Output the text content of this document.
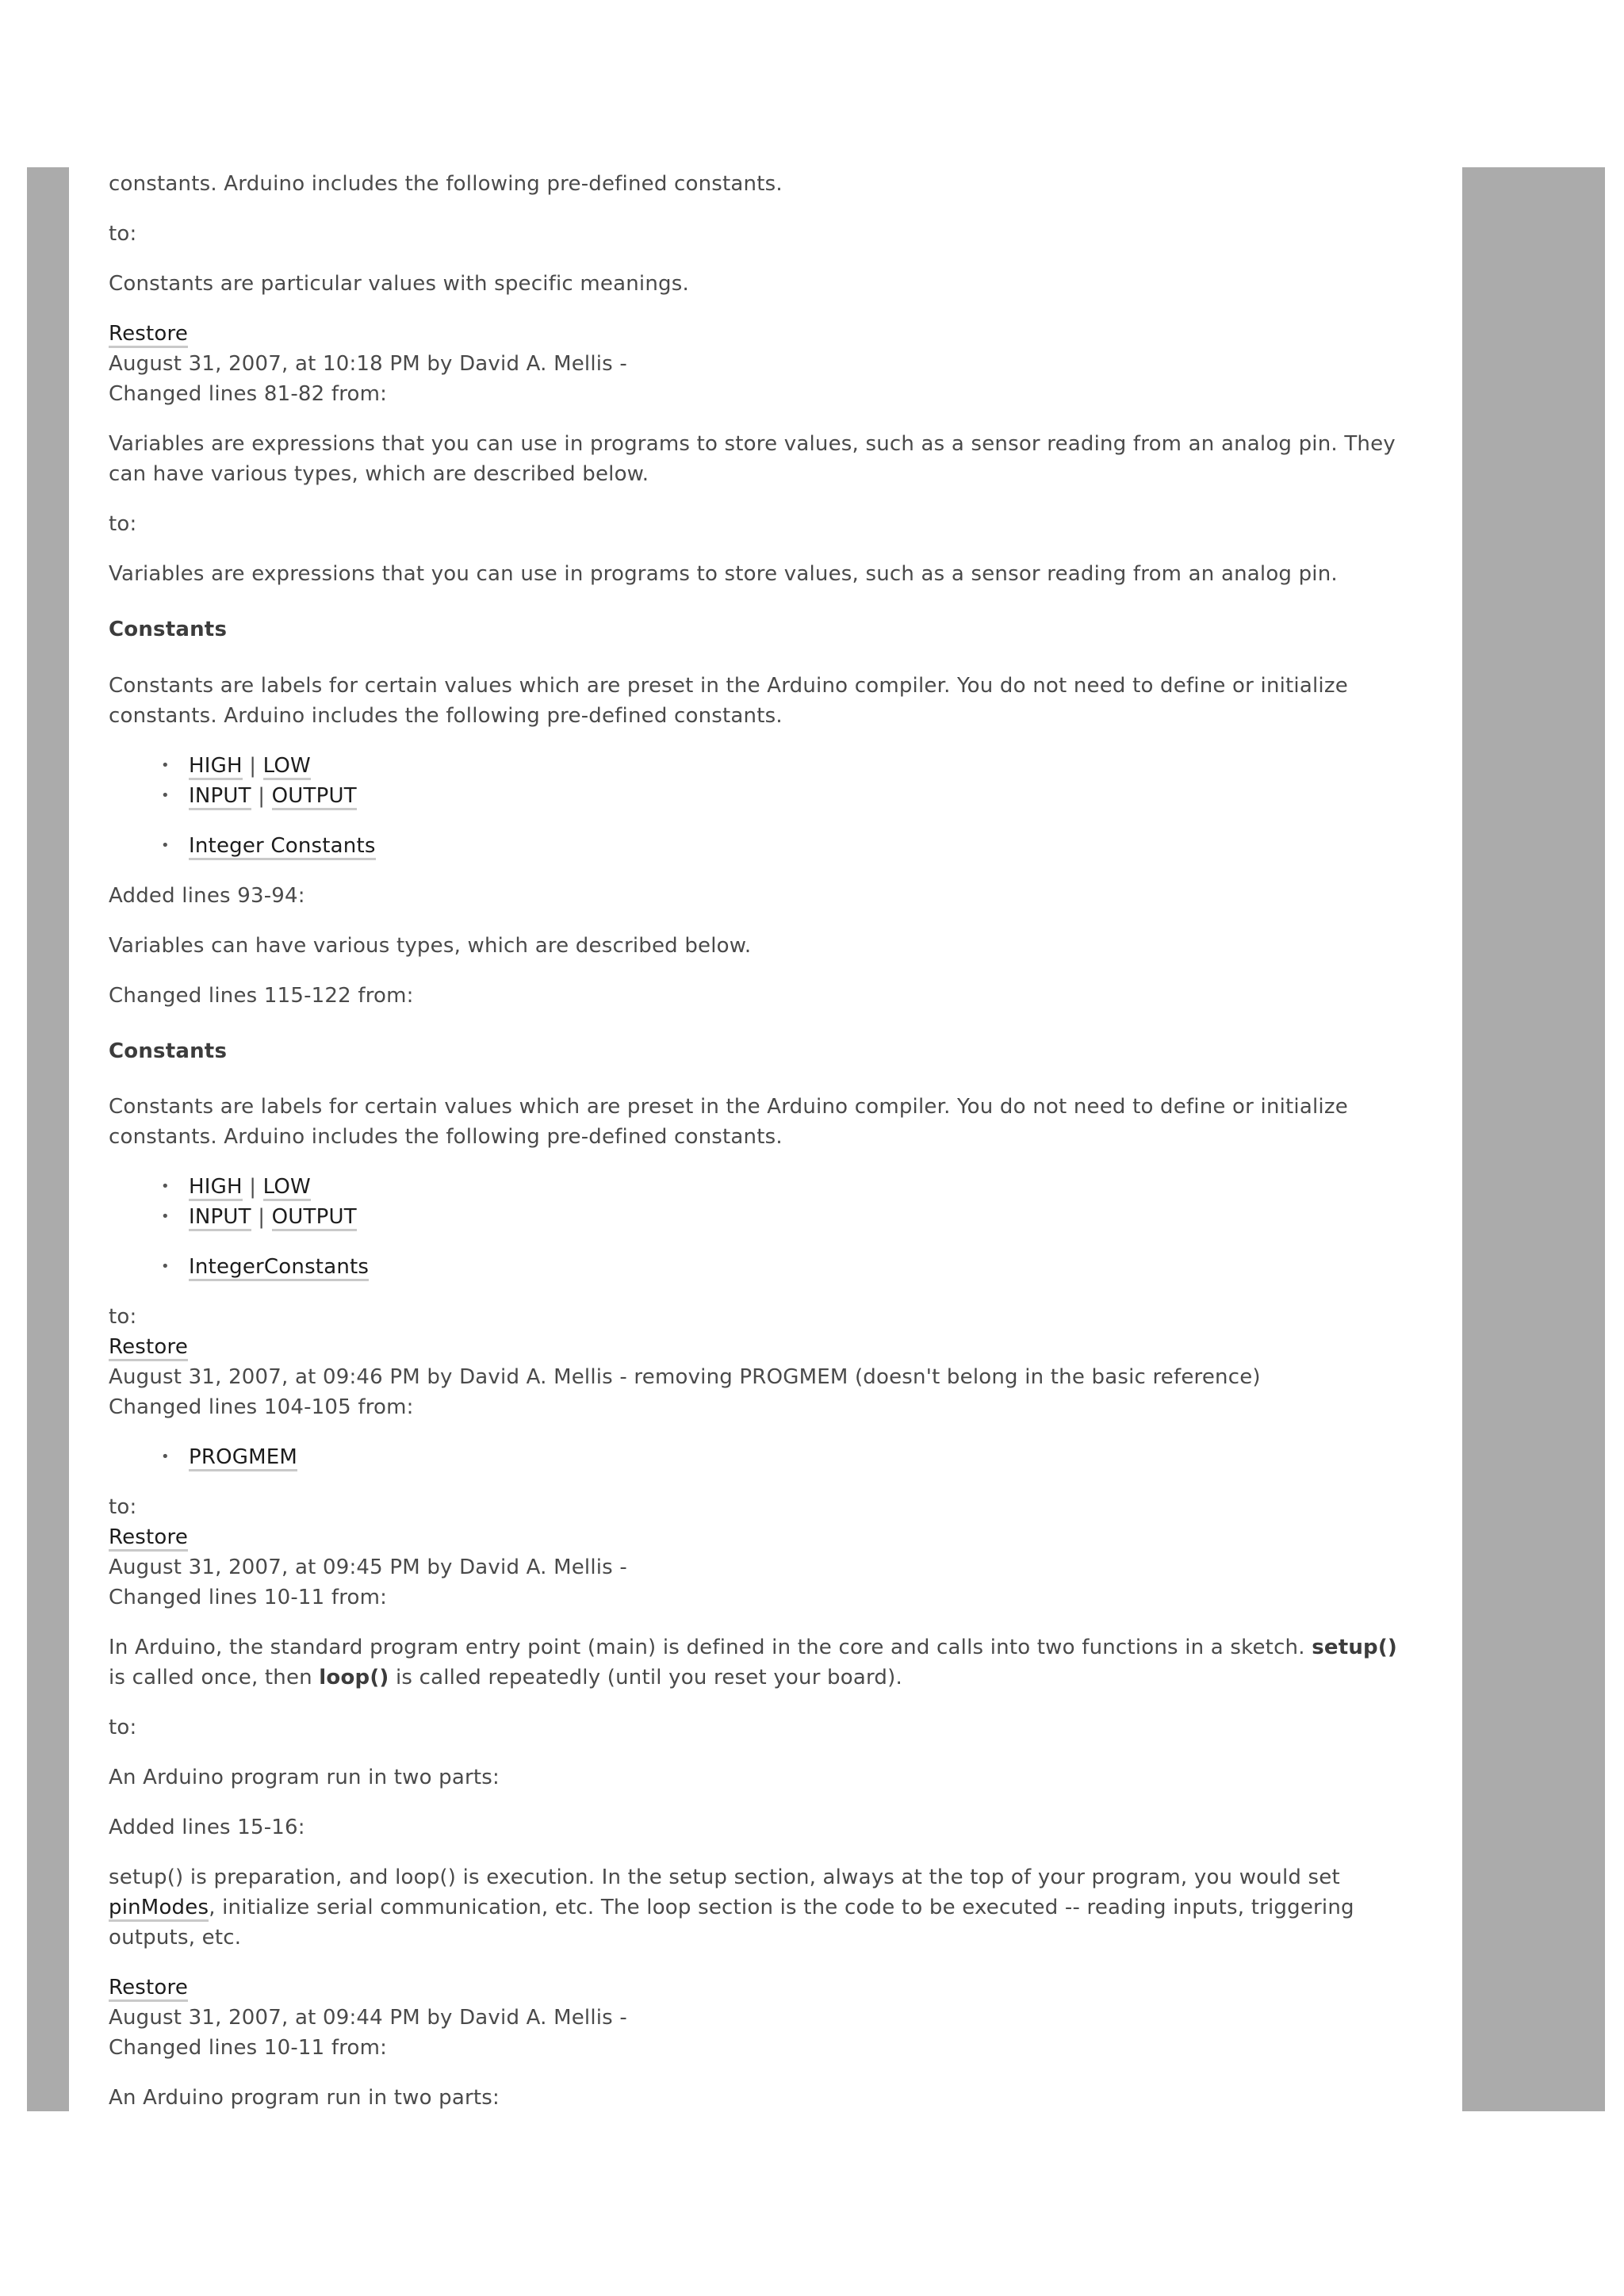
constants. Arduino includes the following pre-defined constants.
to:
Constants are particular values with specific meanings.
Restore
August 31, 2007, at 10:18 PM by David A. Mellis -
Changed lines 81-82 from:
Variables are expressions that you can use in programs to store values, such as a sensor reading from an analog pin. They
can have various types, which are described below.
to:
Variables are expressions that you can use in programs to store values, such as a sensor reading from an analog pin.
Constants
Constants are labels for certain values which are preset in the Arduino compiler. You do not need to define or initialize
constants. Arduino includes the following pre-defined constants.
• HIGH | LOW
• INPUT | OUTPUT
• Integer Constants
Added lines 93-94:
Variables can have various types, which are described below.
Changed lines 115-122 from:
Constants
Constants are labels for certain values which are preset in the Arduino compiler. You do not need to define or initialize
constants. Arduino includes the following pre-defined constants.
• HIGH | LOW
• INPUT | OUTPUT
• IntegerConstants
to:
Restore
August 31, 2007, at 09:46 PM by David A. Mellis - removing PROGMEM (doesn't belong in the basic reference)
Changed lines 104-105 from:
• PROGMEM
to:
Restore
August 31, 2007, at 09:45 PM by David A. Mellis -
Changed lines 10-11 from:
In Arduino, the standard program entry point (main) is defined in the core and calls into two functions in a sketch. setup()
is called once, then loop() is called repeatedly (until you reset your board).
to:
An Arduino program run in two parts:
Added lines 15-16:
setup() is preparation, and loop() is execution. In the setup section, always at the top of your program, you would set
pinModes, initialize serial communication, etc. The loop section is the code to be executed -- reading inputs, triggering
outputs, etc.
Restore
August 31, 2007, at 09:44 PM by David A. Mellis -
Changed lines 10-11 from:
An Arduino program run in two parts:
